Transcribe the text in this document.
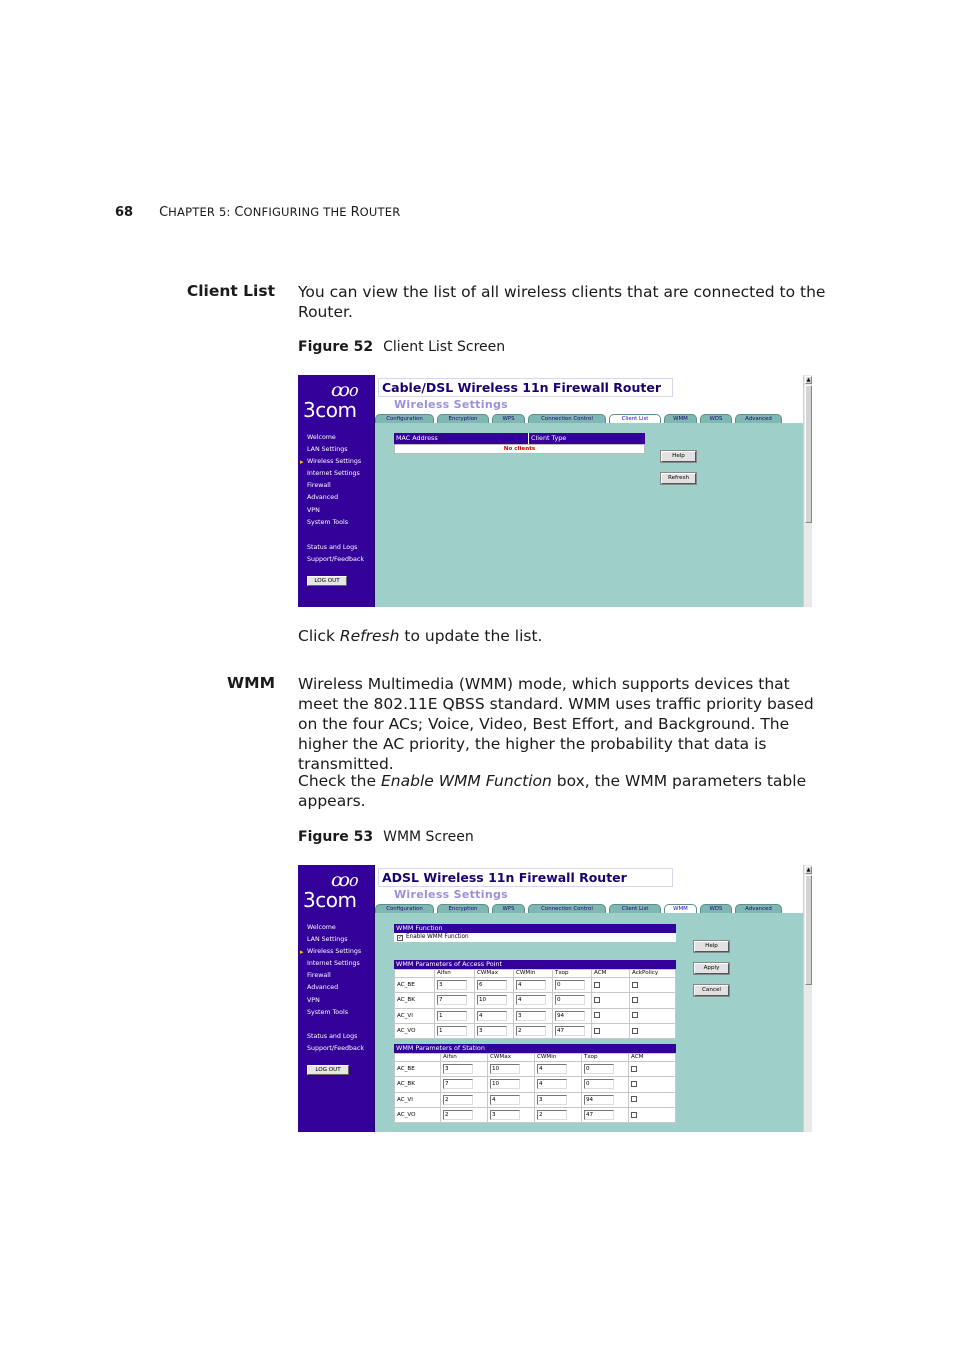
68 CHAPTER 5: CONFIGURING THE ROUTER
Client List You can view the list of all wireless clients that are connected to the Router.
Figure 52 Client List Screen
ꝏ᧐
3com
Welcome
LAN Settings
▸ Wireless Settings
Internet Settings
Firewall
Advanced
VPN
System Tools
Status and Logs
Support/Feedback
LOG OUT
Cable/DSL Wireless 11n Firewall Router
Wireless Settings
Configuration	Encryption	WPS	Connection Control	Client List	WMM	WDS	Advanced
MAC Address	Client Type
No clients
Help
Refresh
▲
Click Refresh to update the list.
WMM Wireless Multimedia (WMM) mode, which supports devices that meet the 802.11E QBSS standard. WMM uses traffic priority based on the four ACs; Voice, Video, Best Effort, and Background. The higher the AC priority, the higher the probability that data is transmitted.
Check the Enable WMM Function box, the WMM parameters table appears.
Figure 53 WMM Screen
ꝏ᧐
3com
Welcome
LAN Settings
▸ Wireless Settings
Internet Settings
Firewall
Advanced
VPN
System Tools
Status and Logs
Support/Feedback
LOG OUT
ADSL Wireless 11n Firewall Router
Wireless Settings
Configuration	Encryption	WPS	Connection Control	Client List	WMM	WDS	Advanced
WMM Function
✓ Enable WMM Function
WMM Parameters of Access Point
	Aifsn	CWMax	CWMin	Txop	ACM	AckPolicy
AC_BE	3	6	4	0		
AC_BK	7	10	4	0		
AC_VI	1	4	3	94		
AC_VO	1	3	2	47		
WMM Parameters of Station
	Aifsn	CWMax	CWMin	Txop	ACM
AC_BE	3	10	4	0	
AC_BK	7	10	4	0	
AC_VI	2	4	3	94	
AC_VO	2	3	2	47	
Help
Apply
Cancel
▲
